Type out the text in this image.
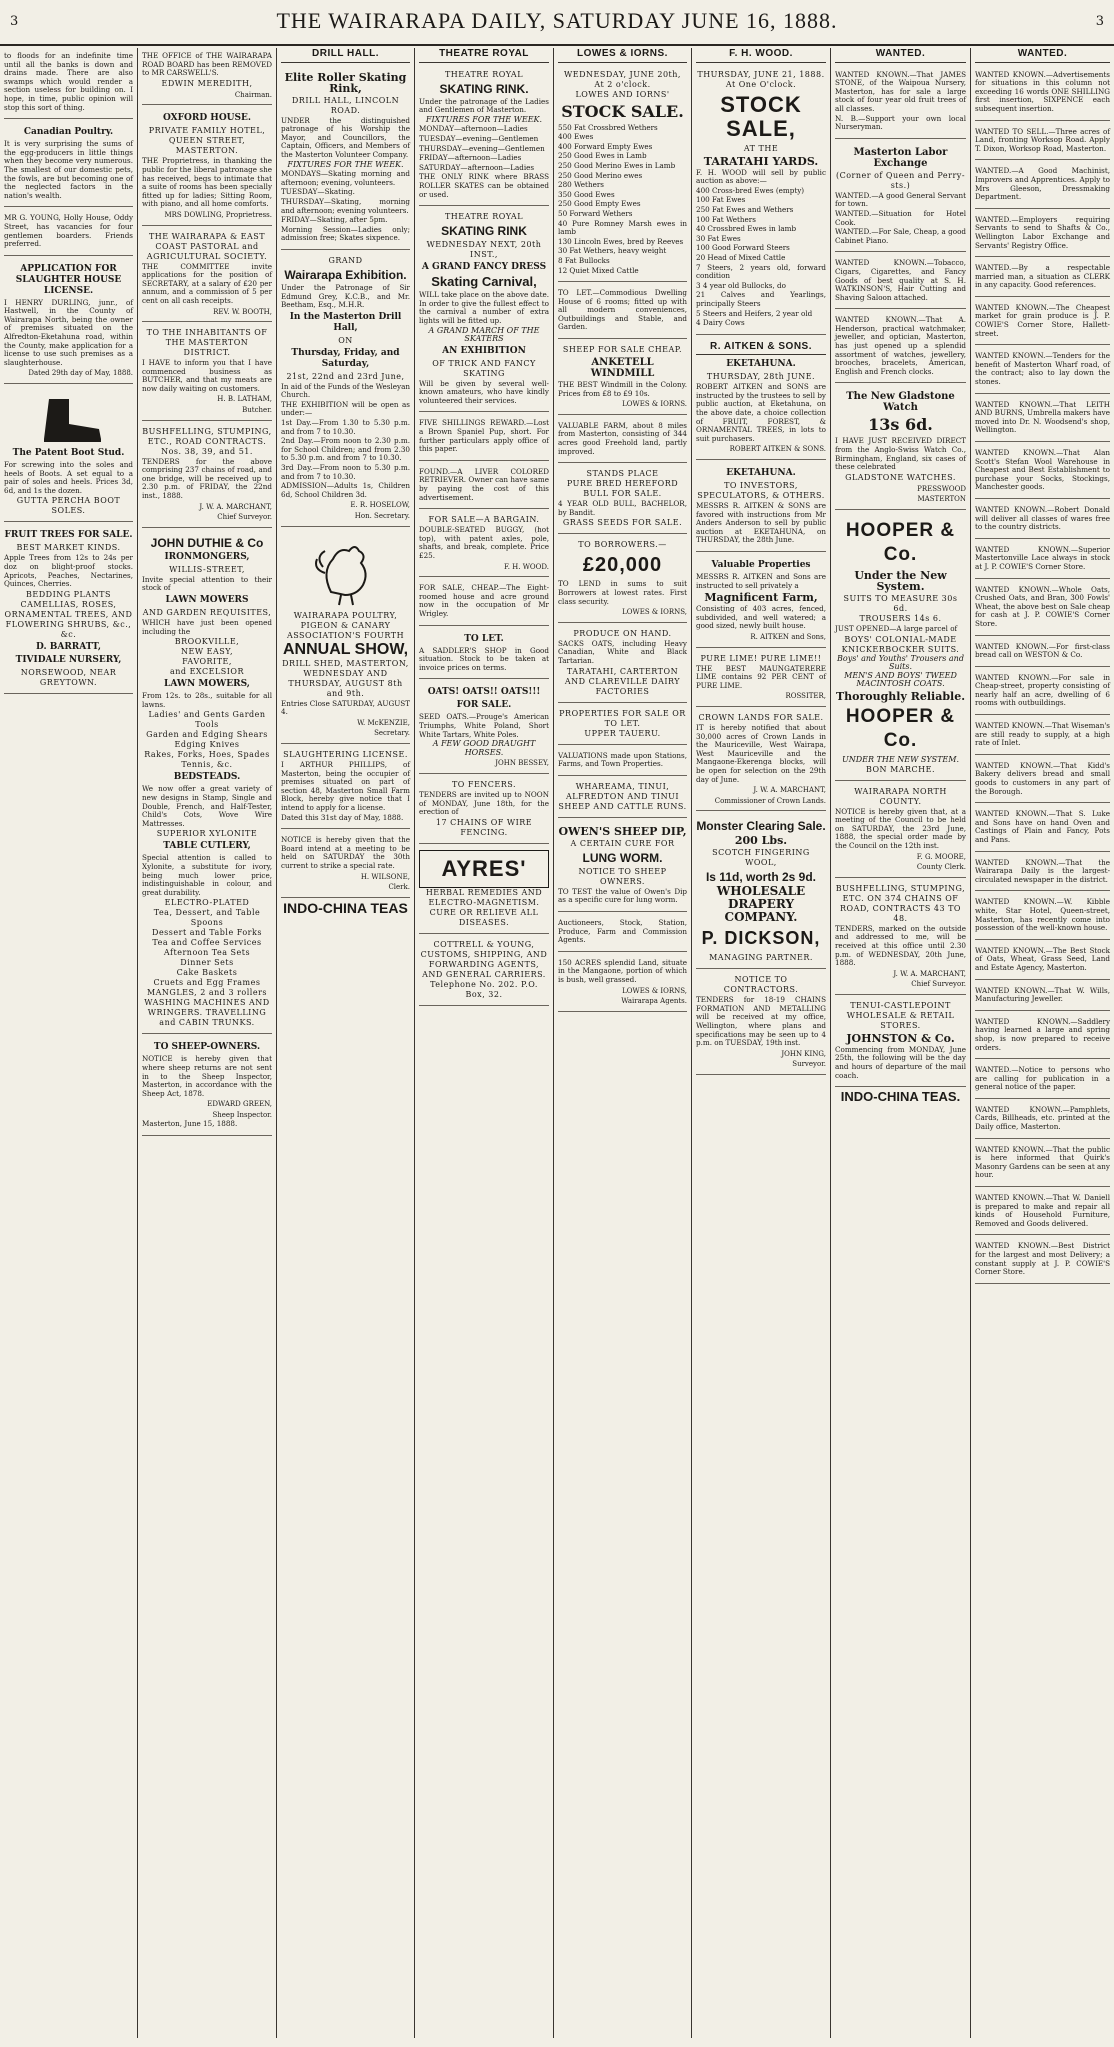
3	THE WAIRARAPA DAILY, SATURDAY JUNE 16, 1888.	3
to floods for an indefinite time until all the banks is down and drains made. There are also swamps which would render a section useless for building on. I hope, in time, public opinion will stop this sort of thing.
Canadian Poultry.
It is very surprising the sums of the egg-producers in little things when they become very numerous. The smallest of our domestic pets, the fowls, are but becoming one of the neglected factors in the nation's wealth.
MR G. YOUNG, Holly House, Oddy Street, has vacancies for four gentlemen boarders. Friends preferred.
APPLICATION FOR SLAUGHTER HOUSE LICENSE.
I HENRY DURLING, junr., of Hastwell, in the County of Wairarapa North, being the owner of premises situated on the Alfredton-Eketahuna road, within the County, make application for a license to use such premises as a slaughterhouse.
Dated 29th day of May, 1888.
The Patent Boot Stud.
For screwing into the soles and heels of Boots. A set equal to a pair of soles and heels. Prices 3d, 6d, and 1s the dozen.
GUTTA PERCHA BOOT SOLES.
FRUIT TREES FOR SALE.
BEST MARKET KINDS.
Apple Trees from 12s to 24s per doz on blight-proof stocks. Apricots, Peaches, Nectarines, Quinces, Cherries.
BEDDING PLANTS
CAMELLIAS, ROSES, ORNAMENTAL TREES, AND FLOWERING SHRUBS, &c., &c.
D. BARRATT,
TIVIDALE NURSERY,
NORSEWOOD, NEAR GREYTOWN.
THE OFFICE of THE WAIRARAPA ROAD BOARD has been REMOVED to MR CARSWELL'S.
EDWIN MEREDITH,
Chairman.
OXFORD HOUSE.
PRIVATE FAMILY HOTEL,
QUEEN STREET, MASTERTON.
THE Proprietress, in thanking the public for the liberal patronage she has received, begs to intimate that a suite of rooms has been specially fitted up for ladies; Sitting Room, with piano, and all home comforts.
MRS DOWLING, Proprietress.
THE WAIRARAPA & EAST COAST PASTORAL and AGRICULTURAL SOCIETY.
THE COMMITTEE invite applications for the position of SECRETARY, at a salary of £20 per annum, and a commission of 5 per cent on all cash receipts.
REV. W. BOOTH,
TO THE INHABITANTS OF THE MASTERTON DISTRICT.
I HAVE to inform you that I have commenced business as BUTCHER, and that my meats are now daily waiting on customers.
H. B. LATHAM,
Butcher.
BUSHFELLING, STUMPING, ETC., ROAD CONTRACTS.
Nos. 38, 39, and 51.
TENDERS for the above comprising 237 chains of road, and one bridge, will be received up to 2.30 p.m. of FRIDAY, the 22nd inst., 1888.
J. W. A. MARCHANT,
Chief Surveyor.
JOHN DUTHIE & Co
IRONMONGERS,
WILLIS-STREET,
Invite special attention to their stock of
LAWN MOWERS
AND GARDEN REQUISITES,
WHICH have just been opened including the
BROOKVILLE,
NEW EASY,
FAVORITE,
and EXCELSIOR
LAWN MOWERS,
From 12s. to 28s., suitable for all lawns.
Ladies' and Gents Garden Tools
Garden and Edging Shears
Edging Knives
Rakes, Forks, Hoes, Spades
Tennis, &c.
BEDSTEADS.
We now offer a great variety of new designs in Stamp, Single and Double, French, and Half-Tester, Child's Cots, Wove Wire Mattresses.
SUPERIOR XYLONITE
TABLE CUTLERY,
Special attention is called to Xylonite, a substitute for ivory, being much lower price, indistinguishable in colour, and great durability.
ELECTRO-PLATED
Tea, Dessert, and Table Spoons
Dessert and Table Forks
Tea and Coffee Services
Afternoon Tea Sets
Dinner Sets
Cake Baskets
Cruets and Egg Frames
MANGLES, 2 and 3 rollers
WASHING MACHINES AND WRINGERS. TRAVELLING and CABIN TRUNKS.
TO SHEEP-OWNERS.
NOTICE is hereby given that where sheep returns are not sent in to the Sheep Inspector, Masterton, in accordance with the Sheep Act, 1878.
EDWARD GREEN,
Sheep Inspector.
Masterton, June 15, 1888.
DRILL HALL.
Elite Roller Skating Rink,
DRILL HALL, LINCOLN ROAD.
UNDER the distinguished patronage of his Worship the Mayor, and Councillors, the Captain, Officers, and Members of the Masterton Volunteer Company.
FIXTURES FOR THE WEEK.
MONDAYS—Skating morning and afternoon; evening, volunteers.
TUESDAY—Skating.
THURSDAY—Skating, morning and afternoon; evening volunteers.
FRIDAY—Skating, after 5pm.
Morning Session—Ladies only; admission free; Skates sixpence.
GRAND
Wairarapa Exhibition.
Under the Patronage of Sir Edmund Grey, K.C.B., and Mr. Beetham, Esq., M.H.R.
In the Masterton Drill Hall,
ON
Thursday, Friday, and Saturday,
21st, 22nd and 23rd June,
In aid of the Funds of the Wesleyan Church.
THE EXHIBITION will be open as under:—
1st Day.—From 1.30 to 5.30 p.m. and from 7 to 10.30.
2nd Day.—From noon to 2.30 p.m. for School Children; and from 2.30 to 5.30 p.m. and from 7 to 10.30.
3rd Day.—From noon to 5.30 p.m. and from 7 to 10.30.
ADMISSION—Adults 1s, Children 6d, School Children 3d.
E. R. HOSELOW,
Hon. Secretary.
WAIRARAPA POULTRY, PIGEON & CANARY ASSOCIATION'S FOURTH
ANNUAL SHOW,
DRILL SHED, MASTERTON,
WEDNESDAY AND THURSDAY, AUGUST 8th and 9th.
Entries Close SATURDAY, AUGUST 4.
W. McKENZIE,
Secretary.
SLAUGHTERING LICENSE.
I ARTHUR PHILLIPS, of Masterton, being the occupier of premises situated on part of section 48, Masterton Small Farm Block, hereby give notice that I intend to apply for a license.
Dated this 31st day of May, 1888.
NOTICE is hereby given that the Board intend at a meeting to be held on SATURDAY the 30th current to strike a special rate.
H. WILSONE,
Clerk.
INDO-CHINA TEAS
THEATRE ROYAL
THEATRE ROYAL
SKATING RINK.
Under the patronage of the Ladies and Gentlemen of Masterton.
FIXTURES FOR THE WEEK.
MONDAY—afternoon—Ladies
TUESDAY—evening—Gentlemen
THURSDAY—evening—Gentlemen
FRIDAY—afternoon—Ladies
SATURDAY—afternoon—Ladies
THE ONLY RINK where BRASS ROLLER SKATES can be obtained or used.
THEATRE ROYAL
SKATING RINK
WEDNESDAY NEXT, 20th INST.,
A GRAND FANCY DRESS
Skating Carnival,
WILL take place on the above date. In order to give the fullest effect to the carnival a number of extra lights will be fitted up.
A GRAND MARCH OF THE SKATERS
AN EXHIBITION
OF TRICK AND FANCY SKATING
Will be given by several well-known amateurs, who have kindly volunteered their services.
FIVE SHILLINGS REWARD.—Lost a Brown Spaniel Pup, short. For further particulars apply office of this paper.
FOUND.—A LIVER COLORED RETRIEVER. Owner can have same by paying the cost of this advertisement.
FOR SALE—A BARGAIN.
DOUBLE-SEATED BUGGY, (hot top), with patent axles, pole, shafts, and break, complete. Price £25.
F. H. WOOD.
FOR SALE, CHEAP.—The Eight-roomed house and acre ground now in the occupation of Mr Wrigley.
TO LET.
A SADDLER'S SHOP in Good situation. Stock to be taken at invoice prices on terms.
OATS! OATS!! OATS!!!
FOR SALE.
SEED OATS.—Prouge's American Triumphs, White Poland, Short White Tartars, White Poles.
A FEW GOOD DRAUGHT HORSES.
JOHN BESSEY,
TO FENCERS.
TENDERS are invited up to NOON of MONDAY, June 18th, for the erection of
17 CHAINS OF WIRE FENCING.
AYRES'
HERBAL REMEDIES AND ELECTRO-MAGNETISM.
CURE OR RELIEVE ALL DISEASES.
COTTRELL & YOUNG, CUSTOMS, SHIPPING, AND FORWARDING AGENTS, AND GENERAL CARRIERS.
Telephone No. 202. P.O. Box, 32.
LOWES & IORNS.
WEDNESDAY, JUNE 20th, At 2 o'clock.
LOWES AND IORNS'
STOCK SALE.
550 Fat Crossbred Wethers
400 Ewes
400 Forward Empty Ewes
250 Good Ewes in Lamb
250 Good Merino Ewes in Lamb
250 Good Merino ewes
280 Wethers
350 Good Ewes
250 Good Empty Ewes
50 Forward Wethers
40 Pure Romney Marsh ewes in lamb
130 Lincoln Ewes, bred by Reeves
30 Fat Wethers, heavy weight
8 Fat Bullocks
12 Quiet Mixed Cattle
TO LET.—Commodious Dwelling House of 6 rooms; fitted up with all modern conveniences, Outbuildings and Stable, and Garden.
SHEEP FOR SALE CHEAP.
ANKETELL WINDMILL
THE BEST Windmill in the Colony. Prices from £8 to £9 10s.
LOWES & IORNS.
VALUABLE FARM, about 8 miles from Masterton, consisting of 344 acres good Freehold land, partly improved.
STANDS PLACE
PURE BRED HEREFORD BULL FOR SALE.
4 YEAR OLD BULL, BACHELOR, by Bandit.
GRASS SEEDS FOR SALE.
TO BORROWERS.—
£20,000
TO LEND in sums to suit Borrowers at lowest rates. First class security.
LOWES & IORNS,
PRODUCE ON HAND.
SACKS OATS, including Heavy Canadian, White and Black Tartarian.
TARATAHI, CARTERTON AND CLAREVILLE DAIRY FACTORIES
PROPERTIES FOR SALE OR TO LET.
UPPER TAUERU.
VALUATIONS made upon Stations, Farms, and Town Properties.
WHAREAMA, TINUI, ALFREDTON AND TINUI SHEEP AND CATTLE RUNS.
OWEN'S SHEEP DIP,
A CERTAIN CURE FOR
LUNG WORM.
NOTICE TO SHEEP OWNERS.
TO TEST the value of Owen's Dip as a specific cure for lung worm.
Auctioneers, Stock, Station, Produce, Farm and Commission Agents.
150 ACRES splendid Land, situate in the Mangaone, portion of which is bush, well grassed.
LOWES & IORNS,
Wairarapa Agents.
F. H. WOOD.
THURSDAY, JUNE 21, 1888. At One O'clock.
STOCK SALE,
AT THE
TARATAHI YARDS.
F. H. WOOD will sell by public auction as above:—
400 Cross-bred Ewes (empty)
100 Fat Ewes
250 Fat Ewes and Wethers
100 Fat Wethers
40 Crossbred Ewes in lamb
30 Fat Ewes
100 Good Forward Steers
20 Head of Mixed Cattle
7 Steers, 2 years old, forward condition
3 4 year old Bullocks, do
21 Calves and Yearlings, principally Steers
5 Steers and Heifers, 2 year old
4 Dairy Cows
R. AITKEN & SONS.
EKETAHUNA.
THURSDAY, 28th JUNE.
ROBERT AITKEN and SONS are instructed by the trustees to sell by public auction, at Eketahuna, on the above date, a choice collection of FRUIT, FOREST, & ORNAMENTAL TREES, in lots to suit purchasers.
ROBERT AITKEN & SONS.
EKETAHUNA.
TO INVESTORS, SPECULATORS, & OTHERS.
MESSRS R. AITKEN & SONS are favored with instructions from Mr Anders Anderson to sell by public auction at EKETAHUNA, on THURSDAY, the 28th June.
Valuable Properties
MESSRS R. AITKEN and Sons are instructed to sell privately a
Magnificent Farm,
Consisting of 403 acres, fenced, subdivided, and well watered; a good sized, newly built house.
R. AITKEN and Sons,
PURE LIME! PURE LIME!!
THE BEST MAUNGATERERE LIME contains 92 PER CENT of PURE LIME.
ROSSITER,
CROWN LANDS FOR SALE.
IT is hereby notified that about 30,000 acres of Crown Lands in the Mauriceville, West Wairapa, West Mauriceville and the Mangaone-Ekerenga blocks, will be open for selection on the 29th day of June.
J. W. A. MARCHANT,
Commissioner of Crown Lands.
Monster Clearing Sale.
200 Lbs.
SCOTCH FINGERING
WOOL,
Is 11d, worth 2s 9d.
WHOLESALE
DRAPERY
COMPANY.
P. DICKSON,
MANAGING PARTNER.
NOTICE TO CONTRACTORS.
TENDERS for 18-19 CHAINS FORMATION AND METALLING will be received at my office, Wellington, where plans and specifications may be seen up to 4 p.m. on TUESDAY, 19th inst.
JOHN KING,
Surveyor.
WANTED.
WANTED KNOWN.—That JAMES STONE, of the Waipoua Nursery, Masterton, has for sale a large stock of four year old fruit trees of all classes.
N. B.—Support your own local Nurseryman.
Masterton Labor Exchange
(Corner of Queen and Perry-sts.)
WANTED.—A good General Servant for town.
WANTED.—Situation for Hotel Cook.
WANTED.—For Sale, Cheap, a good Cabinet Piano.
WANTED KNOWN.—Tobacco, Cigars, Cigarettes, and Fancy Goods of best quality at S. H. WATKINSON'S, Hair Cutting and Shaving Saloon attached.
WANTED KNOWN.—That A. Henderson, practical watchmaker, jeweller, and optician, Masterton, has just opened up a splendid assortment of watches, jewellery, brooches, bracelets, American, English and French clocks.
The New Gladstone Watch
13s 6d.
I HAVE JUST RECEIVED DIRECT from the Anglo-Swiss Watch Co., Birmingham, England, six cases of these celebrated
GLADSTONE WATCHES.
PRESSWOOD
MASTERTON
HOOPER & Co.
Under the New System.
SUITS TO MEASURE 30s 6d.
TROUSERS 14s 6.
JUST OPENED—A large parcel of
BOYS' COLONIAL-MADE KNICKERBOCKER SUITS.
Boys' and Youths' Trousers and Suits.
MEN'S AND BOYS' TWEED MACINTOSH COATS.
Thoroughly Reliable.
HOOPER & Co.
UNDER THE NEW SYSTEM.
BON MARCHE.
WAIRARAPA NORTH COUNTY.
NOTICE is hereby given that, at a meeting of the Council to be held on SATURDAY, the 23rd June, 1888, the special order made by the Council on the 12th inst.
F. G. MOORE,
County Clerk.
BUSHFELLING, STUMPING, ETC. ON 374 CHAINS OF ROAD, CONTRACTS 43 TO 48.
TENDERS, marked on the outside and addressed to me, will be received at this office until 2.30 p.m. of WEDNESDAY, 20th June, 1888.
J. W. A. MARCHANT,
Chief Surveyor.
TENUI-CASTLEPOINT WHOLESALE & RETAIL STORES.
JOHNSTON & Co.
Commencing from MONDAY, June 25th, the following will be the day and hours of departure of the mail coach.
INDO-CHINA TEAS.
WANTED.
WANTED KNOWN.—Advertisements for situations in this column not exceeding 16 words ONE SHILLING first insertion, SIXPENCE each subsequent insertion.
WANTED TO SELL.—Three acres of Land, fronting Worksop Road. Apply T. Dixon, Worksop Road, Masterton.
WANTED.—A Good Machinist, Improvers and Apprentices. Apply to Mrs Gleeson, Dressmaking Department.
WANTED.—Employers requiring Servants to send to Shafts & Co., Wellington Labor Exchange and Servants' Registry Office.
WANTED.—By a respectable married man, a situation as CLERK in any capacity. Good references.
WANTED KNOWN.—The Cheapest market for grain produce is J. P. COWIE'S Corner Store, Hallett-street.
WANTED KNOWN.—Tenders for the benefit of Masterton Wharf road, of the contract; also to lay down the stones.
WANTED KNOWN.—That LEITH AND BURNS, Umbrella makers have moved into Dr. N. Woodsend's shop, Wellington.
WANTED KNOWN.—That Alan Scott's Stefan Wool Warehouse in Cheapest and Best Establishment to purchase your Socks, Stockings, Manchester goods.
WANTED KNOWN.—Robert Donald will deliver all classes of wares free to the country districts.
WANTED KNOWN.—Superior Mastertonville Lace always in stock at J. P. COWIE'S Corner Store.
WANTED KNOWN.—Whole Oats, Crushed Oats, and Bran, 300 Fowls' Wheat, the above best on Sale cheap for cash at J. P. COWIE'S Corner Store.
WANTED KNOWN.—For first-class bread call on WESTON & Co.
WANTED KNOWN.—For sale in Cheap-street, property consisting of nearly half an acre, dwelling of 6 rooms with outbuildings.
WANTED KNOWN.—That Wiseman's are still ready to supply, at a high rate of Inlet.
WANTED KNOWN.—That Kidd's Bakery delivers bread and small goods to customers in any part of the Borough.
WANTED KNOWN.—That S. Luke and Sons have on hand Oven and Castings of Plain and Fancy, Pots and Pans.
WANTED KNOWN.—That the Wairarapa Daily is the largest-circulated newspaper in the district.
WANTED KNOWN.—W. Kibble white, Star Hotel, Queen-street, Masterton, has recently come into possession of the well-known house.
WANTED KNOWN.—The Best Stock of Oats, Wheat, Grass Seed, Land and Estate Agency, Masterton.
WANTED KNOWN.—That W. Wills, Manufacturing Jeweller.
WANTED KNOWN.—Saddlery having learned a large and spring shop, is now prepared to receive orders.
WANTED.—Notice to persons who are calling for publication in a general notice of the paper.
WANTED KNOWN.—Pamphlets, Cards, Billheads, etc. printed at the Daily office, Masterton.
WANTED KNOWN.—That the public is here informed that Quirk's Masonry Gardens can be seen at any hour.
WANTED KNOWN.—That W. Daniell is prepared to make and repair all kinds of Household Furniture, Removed and Goods delivered.
WANTED KNOWN.—Best District for the largest and most Delivery; a constant supply at J. P. COWIE'S Corner Store.
